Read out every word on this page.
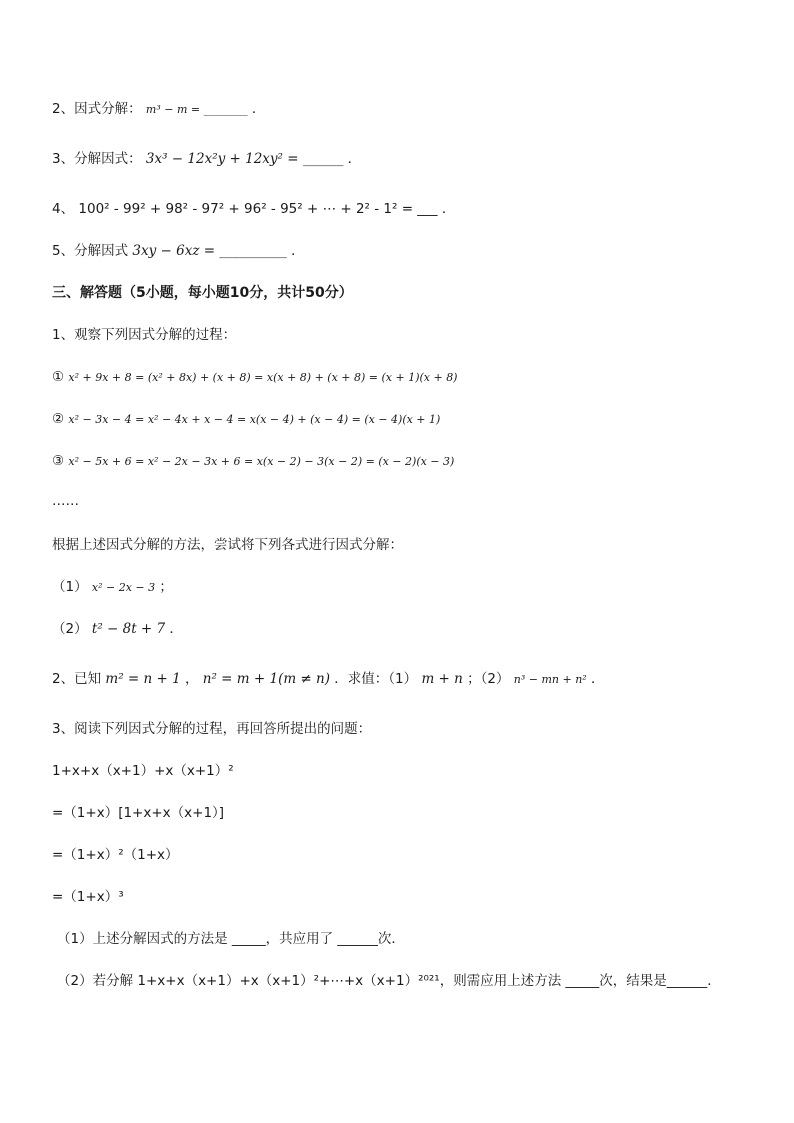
2、因式分解： m³ − m = ________ ．
3、分解因式： 3x³ − 12x²y + 12xy² = ______ ．
4、 100² - 99² + 98² - 97² + 96² - 95² + ⋯ + 2² - 1² = ___ ．
5、分解因式 3xy − 6xz = __________ ．
三、解答题（5小题，每小题10分，共计50分）
1、观察下列因式分解的过程：
① x² + 9x + 8 = (x² + 8x) + (x + 8) = x(x + 8) + (x + 8) = (x + 1)(x + 8)
② x² − 3x − 4 = x² − 4x + x − 4 = x(x − 4) + (x − 4) = (x − 4)(x + 1)
③ x² − 5x + 6 = x² − 2x − 3x + 6 = x(x − 2) − 3(x − 2) = (x − 2)(x − 3)
……
根据上述因式分解的方法，尝试将下列各式进行因式分解：
（1） x² − 2x − 3 ；
（2） t² − 8t + 7 ．
2、已知 m² = n + 1 ， n² = m + 1(m ≠ n) ．求值：（1） m + n ；（2） n³ − mn + n² ．
3、阅读下列因式分解的过程，再回答所提出的问题：
1+x+x（x+1）+x（x+1）²
=（1+x）[1+x+x（x+1）]
=（1+x）²（1+x）
=（1+x）³
（1）上述分解因式的方法是 _____，共应用了 ______次．
（2）若分解 1+x+x（x+1）+x（x+1）²+⋯+x（x+1）²⁰²¹，则需应用上述方法 _____次，结果是______．
